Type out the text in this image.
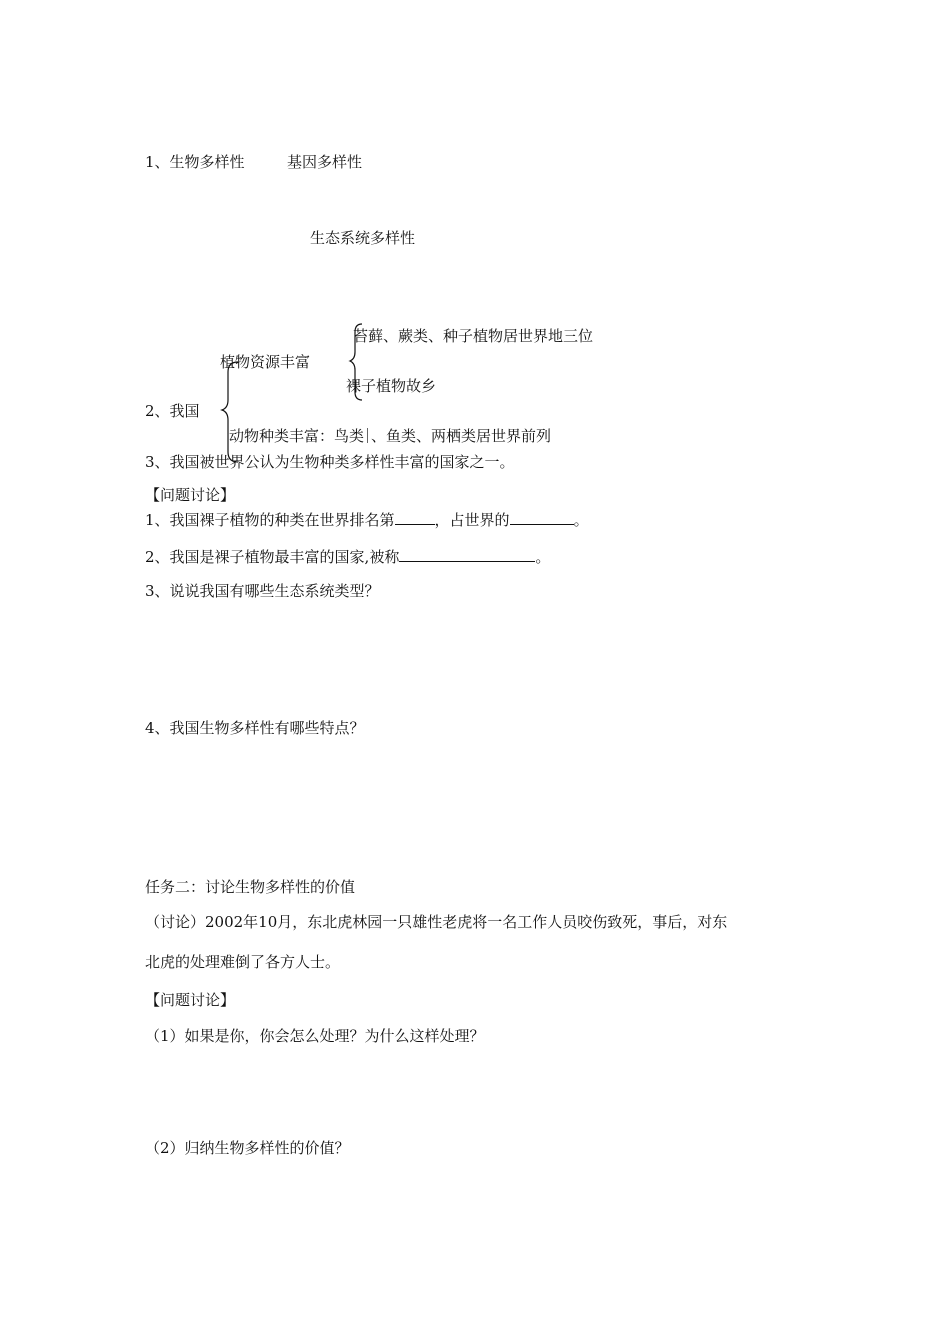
1、生物多样性	基因多样性
生态系统多样性
植物资源丰富
苔藓、蕨类、种子植物居世界地三位
裸子植物故乡
2、我国
动物种类丰富：鸟类 、鱼类、两栖类居世界前列
3、我国被世界公认为生物种类多样性丰富的国家之一。
【问题讨论】
1、我国裸子植物的种类在世界排名第	，占世界的	。
2、我国是裸子植物最丰富的国家,被称	。
3、说说我国有哪些生态系统类型？
4、我国生物多样性有哪些特点？
任务二：讨论生物多样性的价值
（讨论）2002年10月，东北虎林园一只雄性老虎将一名工作人员咬伤致死，事后，对东
北虎的处理难倒了各方人士。
【问题讨论】
（1）如果是你，你会怎么处理？为什么这样处理？
（2）归纳生物多样性的价值？
